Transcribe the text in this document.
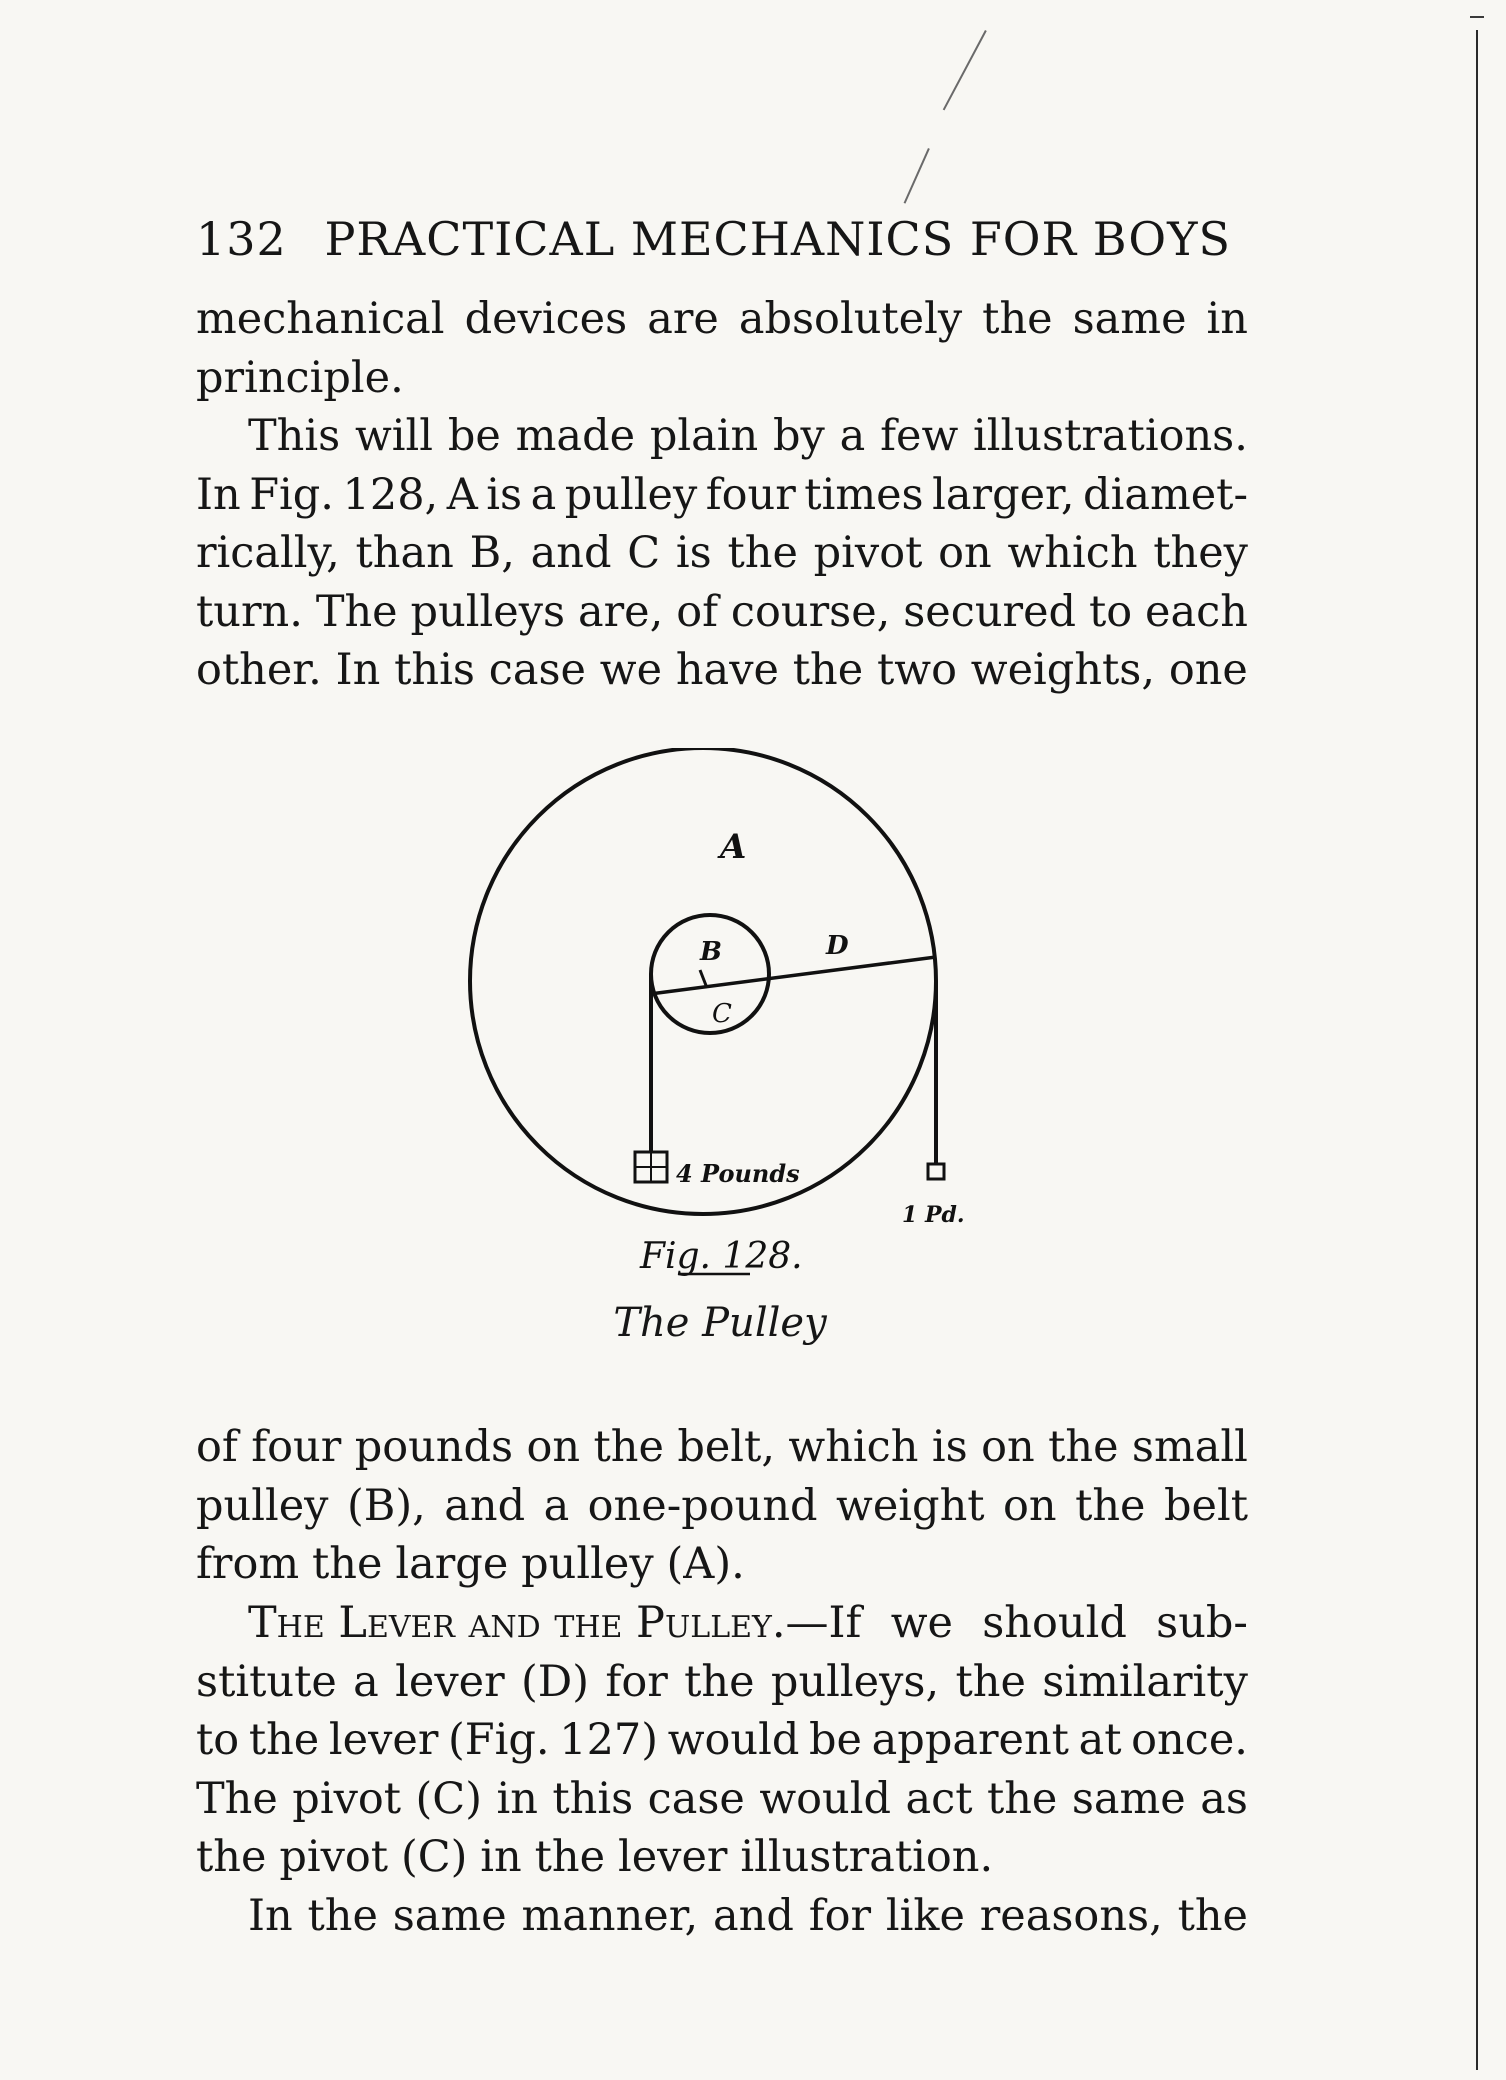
132 PRACTICAL MECHANICS FOR BOYS
mechanical devices are absolutely the same in
principle.
This will be made plain by a few illustrations.
In Fig. 128, A is a pulley four times larger, diamet-
rically, than B, and C is the pivot on which they
turn. The pulleys are, of course, secured to each
other. In this case we have the two weights, one
A
B
C
D
4 Pounds
1 Pd.
Fig. 128.
The Pulley
of four pounds on the belt, which is on the small
pulley (B), and a one-pound weight on the belt
from the large pulley (A).
The Lever and the Pulley. —If we should sub-
stitute a lever (D) for the pulleys, the similarity
to the lever (Fig. 127) would be apparent at once.
The pivot (C) in this case would act the same as
the pivot (C) in the lever illustration.
In the same manner, and for like reasons, the
